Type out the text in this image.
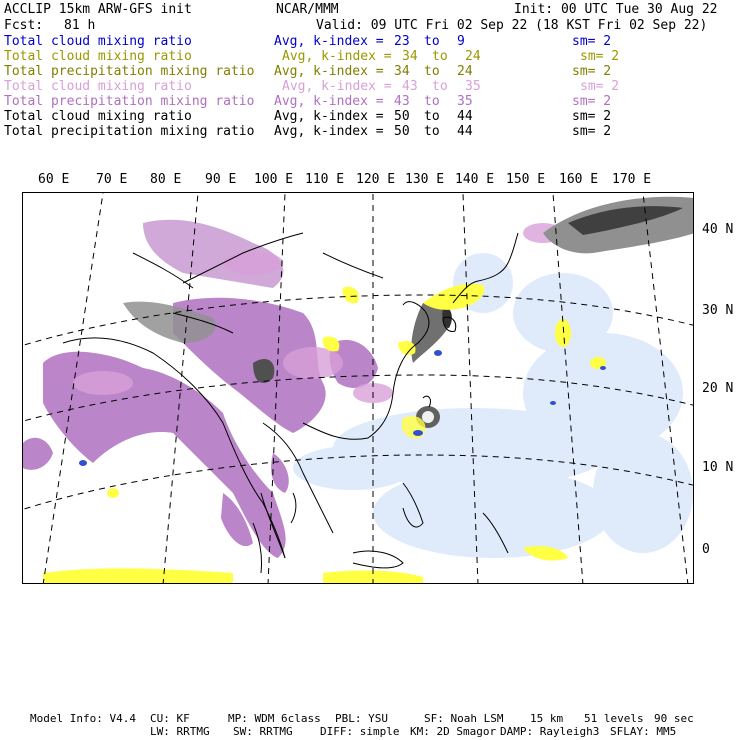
ACCLIP 15km ARW-GFS init	NCAR/MMM	Init: 00 UTC Tue 30 Aug 22
Fcst: 81 h	Valid: 09 UTC Fri 02 Sep 22 (18 KST Fri 02 Sep 22)
Total cloud mixing ratio	Avg, k-index = 23 to 9	sm= 2
Total cloud mixing ratio	Avg, k-index = 34 to 24	sm= 2
Total precipitation mixing ratio Avg, k-index = 34 to 24	sm= 2
Total cloud mixing ratio	Avg, k-index = 43 to 35	sm= 2
Total precipitation mixing ratio Avg, k-index = 43 to 35	sm= 2
Total cloud mixing ratio	Avg, k-index = 50 to 44	sm= 2
Total precipitation mixing ratio Avg, k-index = 50 to 44	sm= 2
60 E 70 E 80 E 90 E 100 E 110 E 120 E 130 E 140 E 150 E 160 E 170 E
40 N
30 N
20 N
10 N
0
Model Info: V4.4 CU: KF	MP: WDM 6class PBL: YSU	SF: Noah LSM 15 km 51 levels 90 sec
LW: RRTMG SW: RRTMG DIFF: simple KM: 2D Smagor DAMP: Rayleigh3 SFLAY: MM5
